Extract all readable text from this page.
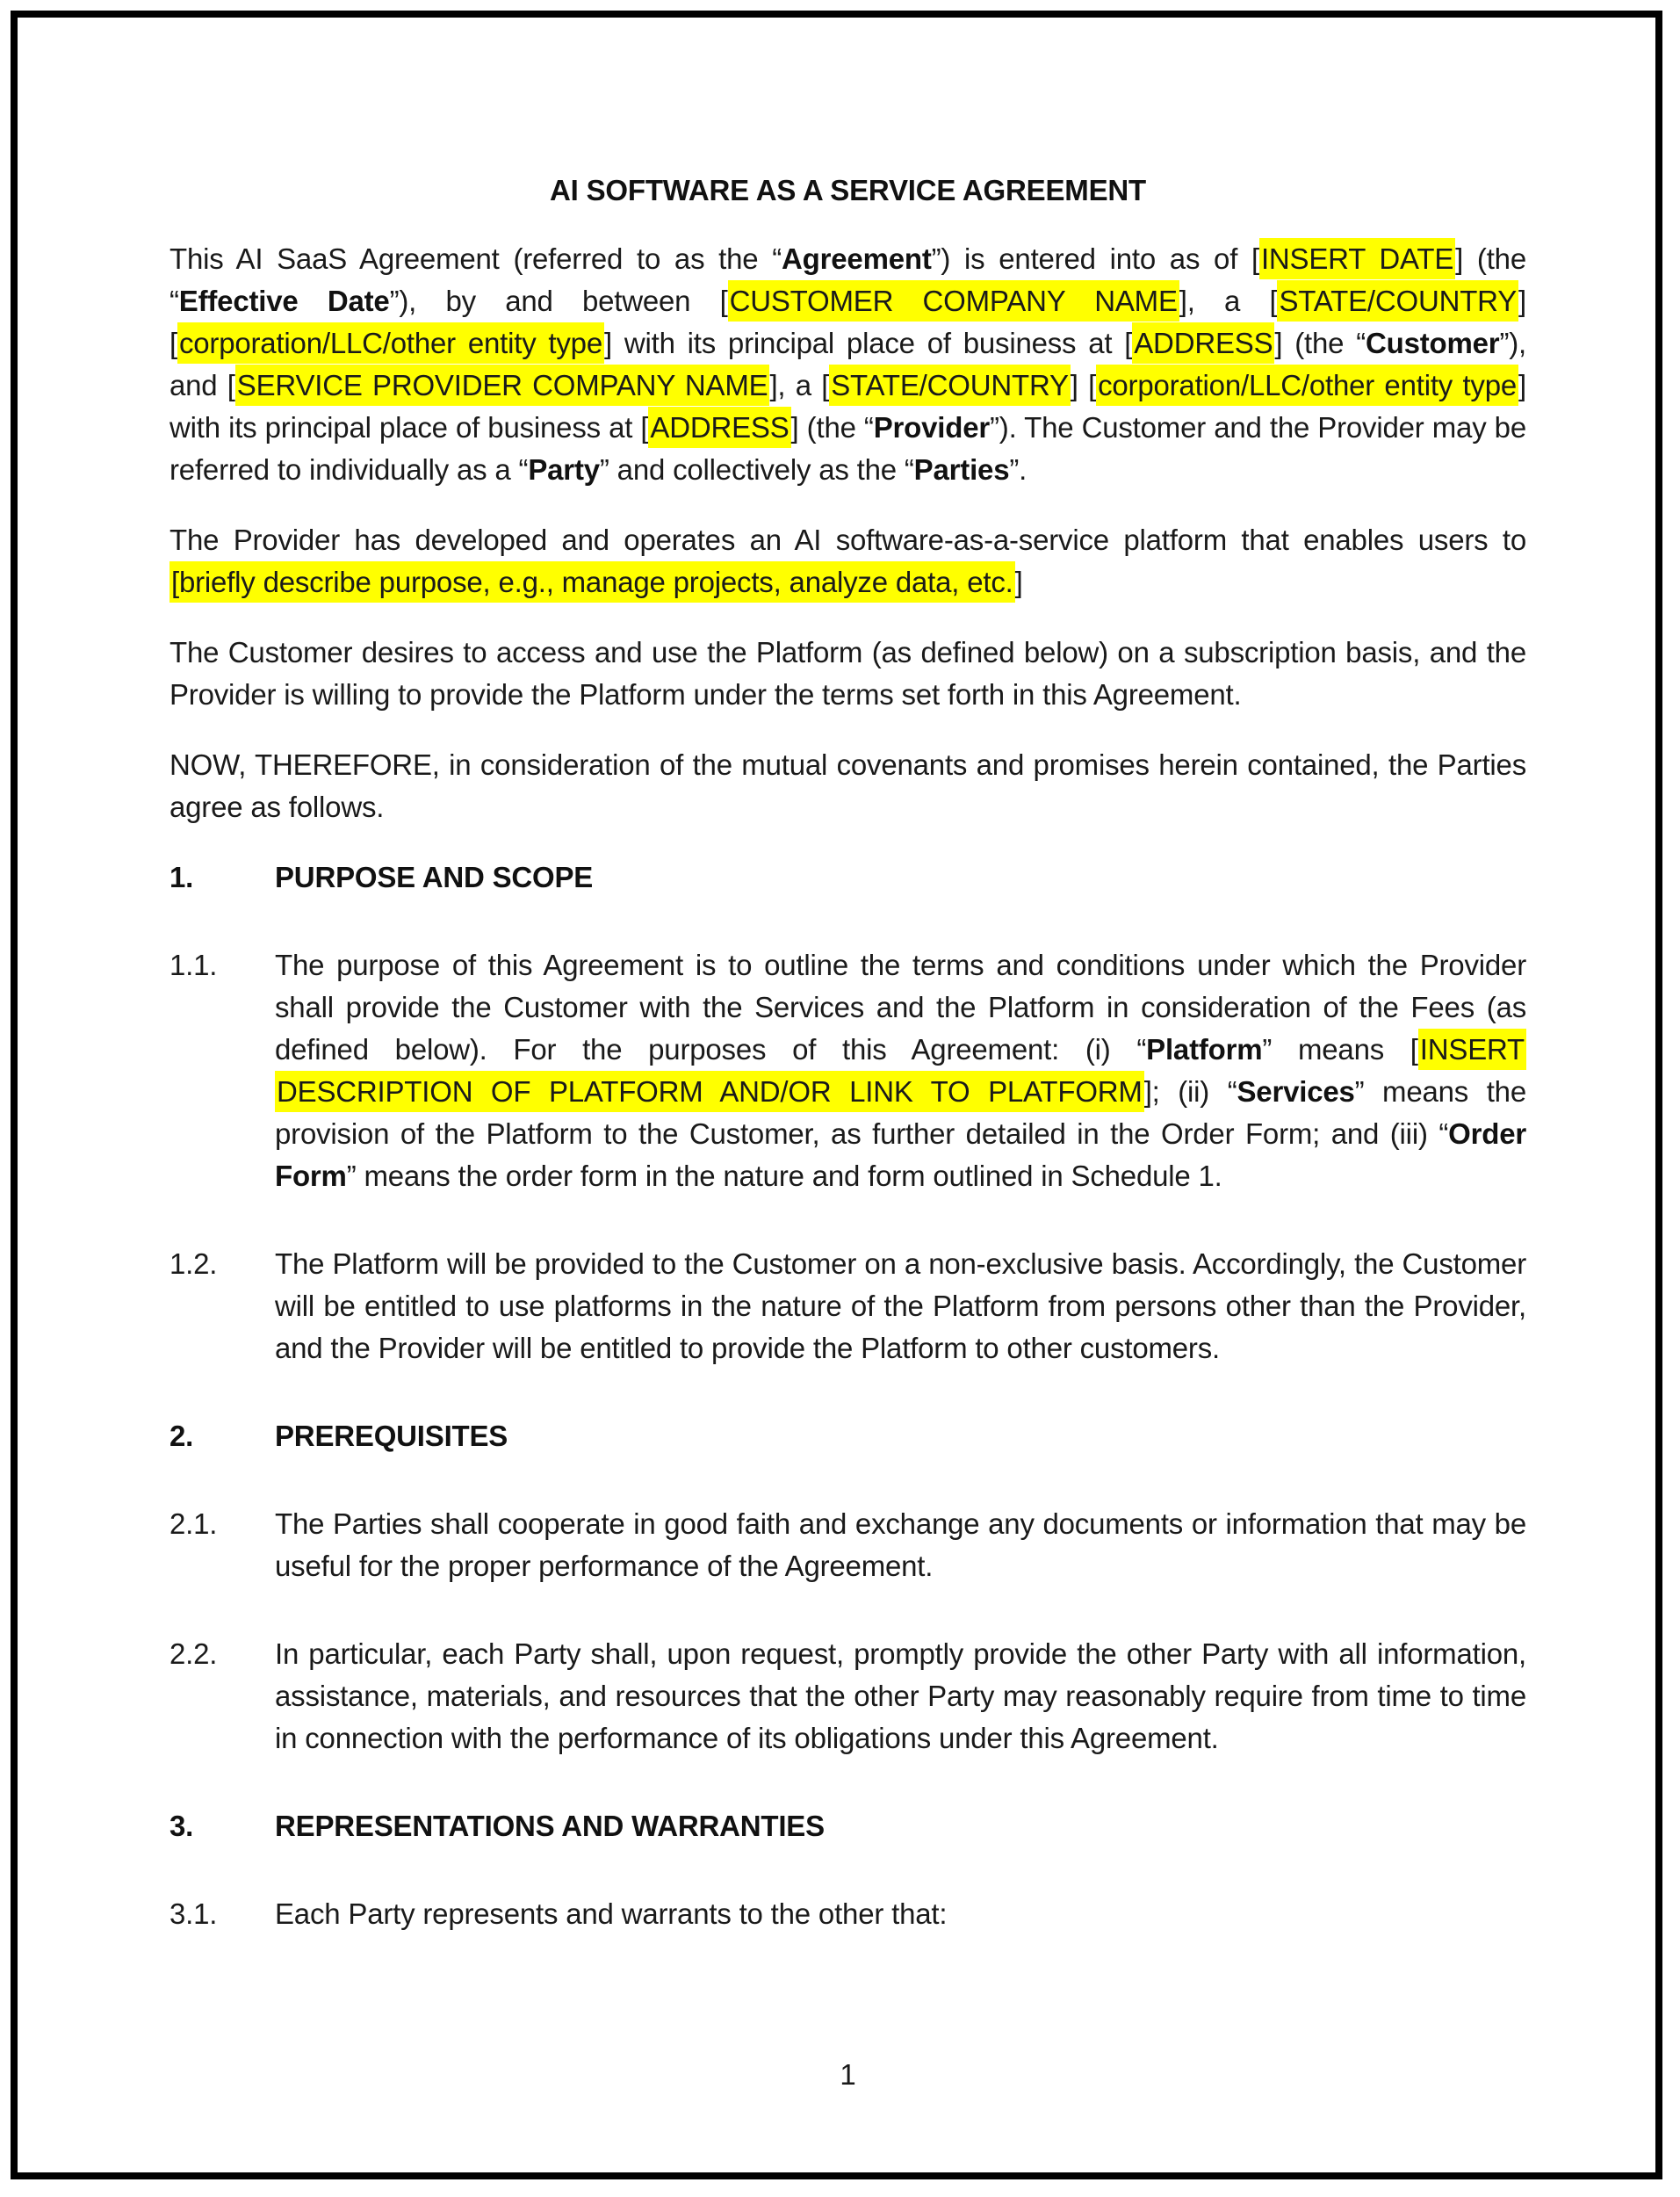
AI SOFTWARE AS A SERVICE AGREEMENT
This AI SaaS Agreement (referred to as the “Agreement”) is entered into as of [INSERT DATE] (the “Effective Date”), by and between [CUSTOMER COMPANY NAME], a [STATE/COUNTRY] [corporation/LLC/other entity type] with its principal place of business at [ADDRESS] (the “Customer”), and [SERVICE PROVIDER COMPANY NAME], a [STATE/COUNTRY] [corporation/LLC/other entity type] with its principal place of business at [ADDRESS] (the “Provider”). The Customer and the Provider may be referred to individually as a “Party” and collectively as the “Parties”.
The Provider has developed and operates an AI software-as-a-service platform that enables users to [briefly describe purpose, e.g., manage projects, analyze data, etc.]
The Customer desires to access and use the Platform (as defined below) on a subscription basis, and the Provider is willing to provide the Platform under the terms set forth in this Agreement.
NOW, THEREFORE, in consideration of the mutual covenants and promises herein contained, the Parties agree as follows.
1.	PURPOSE AND SCOPE
1.1.	The purpose of this Agreement is to outline the terms and conditions under which the Provider shall provide the Customer with the Services and the Platform in consideration of the Fees (as defined below). For the purposes of this Agreement: (i) “Platform” means [INSERT DESCRIPTION OF PLATFORM AND/OR LINK TO PLATFORM]; (ii) “Services” means the provision of the Platform to the Customer, as further detailed in the Order Form; and (iii) “Order Form” means the order form in the nature and form outlined in Schedule 1.
1.2.	The Platform will be provided to the Customer on a non-exclusive basis. Accordingly, the Customer will be entitled to use platforms in the nature of the Platform from persons other than the Provider, and the Provider will be entitled to provide the Platform to other customers.
2.	PREREQUISITES
2.1.	The Parties shall cooperate in good faith and exchange any documents or information that may be useful for the proper performance of the Agreement.
2.2.	In particular, each Party shall, upon request, promptly provide the other Party with all information, assistance, materials, and resources that the other Party may reasonably require from time to time in connection with the performance of its obligations under this Agreement.
3.	REPRESENTATIONS AND WARRANTIES
3.1.	Each Party represents and warrants to the other that:
1
